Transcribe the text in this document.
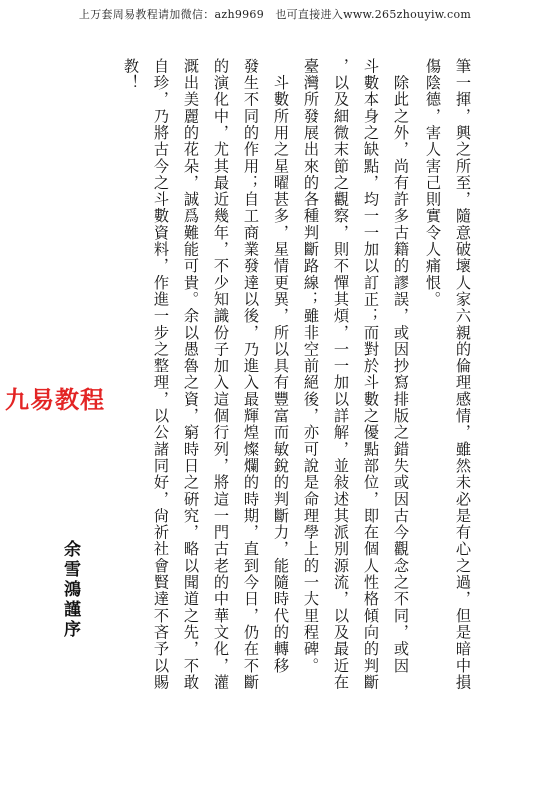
上万套周易教程请加微信：azh9969　也可直接进入www.265zhouyiw.com
筆一揮，興之所至，隨意破壞人家六親的倫理感情，雖然未必是有心之過，但是暗中損
傷陰德，害人害己則實令人痛恨。
　除此之外，尚有許多古籍的謬誤，或因抄寫排版之錯失或因古今觀念之不同，或因
斗數本身之缺點，均一一加以訂正；而對於斗數之優點部位，即在個人性格傾向的判斷
，以及細微末節之觀察，則不憚其煩，一一加以詳解，並敍述其派別源流，以及最近在
臺灣所發展出來的各種判斷路線；雖非空前絕後，亦可說是命理學上的一大里程碑。
　斗數所用之星曜甚多，星情更異，所以具有豐富而敏銳的判斷力，能隨時代的轉移
發生不同的作用；自工商業發達以後，乃進入最輝煌燦爛的時期，直到今日，仍在不斷
的演化中，尤其最近幾年，不少知識份子加入這個行列，將這一門古老的中華文化，灌
溉出美麗的花朵，誠爲難能可貴。余以愚魯之資，窮時日之硏究，略以聞道之先，不敢
自珍，乃將古今之斗數資料，作進一步之整理，以公諸同好，尙祈社會賢達不吝予以賜
教！
余雪鴻謹序
九易教程
